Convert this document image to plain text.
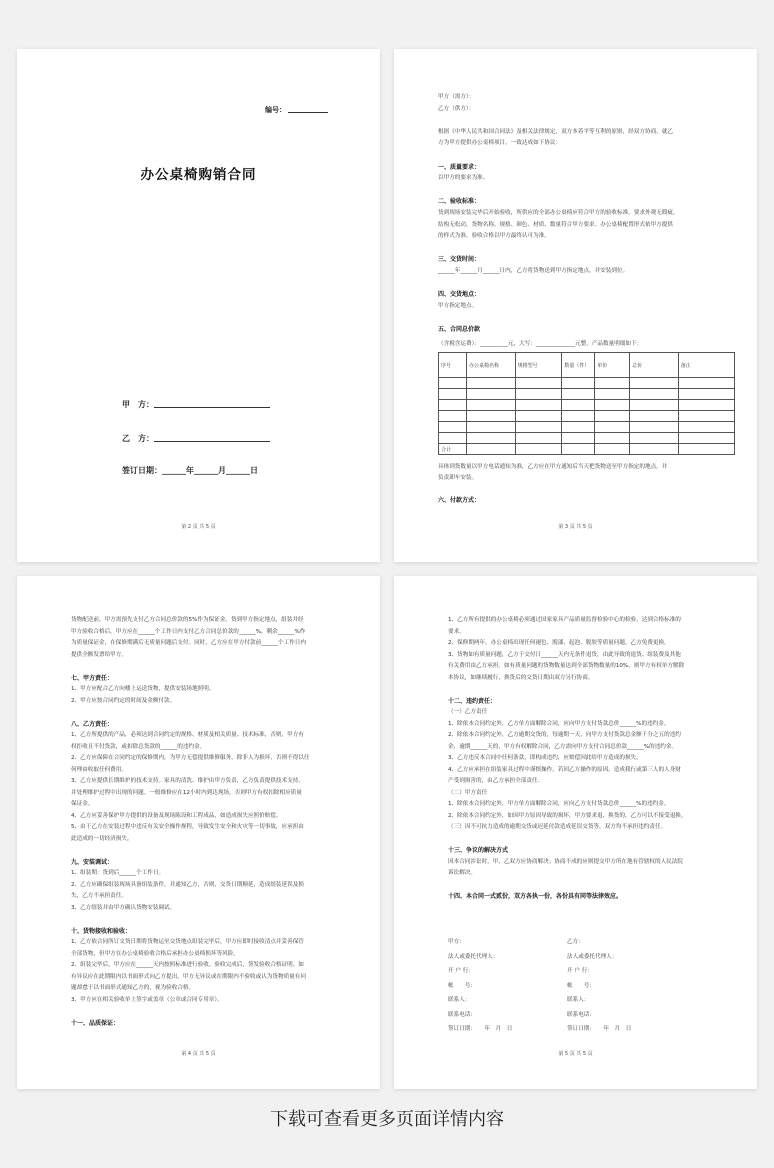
编号：
办公桌椅购销合同
甲　方：
乙　方：
签订日期：______年______月______日
第 2 页 共 5 页
甲方（需方）：
乙方（供方）：
根据《中华人民共和国合同法》及相关法律规定，双方本着平等互利的原则，经双方协商，就乙
方为甲方提供办公桌椅项目，一致达成如下协议：
一、质量要求：
以甲方的要求为准。
二、验收标准：
货到现场安装完毕后开始验收，所供应的全部办公桌椅应符合甲方的验收标准。要求外观无瑕疵，
结构无松动，货物名称、规格、颜色、材质、数量符合甲方要求。办公桌椅配置形式依甲方提供
的样式为准，验收合格以甲方最终认可为准。
三、交货时间：
______年______月______日内，乙方将货物送到甲方指定地点，并安装到位。
四、交货地点：
甲方指定地点。
五、合同总价款
（含税含运费）：__________元，大写：______________元整，产品数量明细如下：
序号	办公桌椅名称	规格型号	数量（件）	单价	总价	备注

合计						
具体到货数量以甲方电话通知为准，乙方应在甲方通知后当天把货物送至甲方指定的地点，并
负责卸车安装。
六、付款方式：
第 3 页 共 5 页
货物配送前，甲方需预先支付乙方合同总价款的5%作为保证金。货到甲方指定地点，组装并经
甲方验收合格后，甲方应在______个工作日内支付乙方合同总价款的______%，剩余______%作
为质量保证金，在保修期满后无质量问题后支付。同时，乙方应在甲方付款前______个工作日内
提供全额发票给甲方。
七、甲方责任：
1、甲方应配合乙方向楼上运送货物，提供安装场地照明。
2、甲方应按合同约定的时间及金额付款。
八、乙方责任：
1、乙方所提供的产品，必须达到合同约定的规格、材质及相关质量、技术标准，否则，甲方有
权拒收且不付货款，或扣除总货款的______的违约金。
2、乙方应保障在合同约定的保修期内，为甲方无偿提供维修服务，除非人为损坏，否则不得以任
何理由收取任何费用。
3、乙方应提供长期维护的技术支持。家具的清洗、维护由甲方负责，乙方负责提供技术支持，
并处理维护过程中出现的问题。一般维修应在12小时内到达现场，否则甲方有权扣除相应质量
保证金。
4、乙方应妥善保护甲方提供的设备及现场陈设和工程成品，如造成损失应照价赔偿。
5、由于乙方在安装过程中违反有关安全操作规程，导致发生安全和火灾等一切事故，应承担由
此造成的一切经济损失。
九、安装调试：
1、组装期：货到后______个工作日。
2、乙方应确保组装现场具备组装条件，并通知乙方，否则，交货日期顺延，造成组装延误及损
失，乙方不承担责任。
3、乙方组装并由甲方确认货物安装调试。
十、货物接收和验收：
1、乙方依合同所订交货日期将货物运至交货地点组装完毕后，甲方应即时接收清点并妥善保管
全部货物，但甲方在办公桌椅验收合格后承担办公桌椅损坏等风险。
2、组装完毕后，甲方应在______天内按照标准进行验收。验收完成后，签发验收合格证明。如
有异议应在此期限内以书面形式向乙方提出，甲方无异议或在期限内不验收或认为货物质量有问
题却怠于以书面形式通知乙方的，视为验收合格。
3、甲方应在相关验收单上签字或盖章（公章或合同专用章）。
十一、品质保证：
第 4 页 共 5 页
1、乙方所有提供的办公桌椅必须通过国家家具产品质量监督检验中心的检验，达到合格标准的
要求。
2、保修期两年，办公桌椅出现任何褪色、脱漆、起泡、脱胶等质量问题，乙方免费更换。
3、货物如有质量问题，乙方于交付日______天内无条件退货，由此导致的退货、组装费及其他
有关费用由乙方承担。如有质量问题的货物数量达到全部货物数量的10%，则甲方有权单方解除
本协议，如继续履行，换货后的交货日期由双方另行协商。
十二、违约责任：
（一）乙方责任
1、除依本合同约定外，乙方单方面解除合同，应向甲方支付货款总价______%的违约金。
2、除依本合同约定外，乙方逾期交货的，每逾期一天，向甲方支付货款总金额千分之五的违约
金，逾期______天的，甲方有权解除合同，乙方需向甲方支付合同总价款______%的违约金。
3、乙方违反本合同中任何条款，即构成违约，应赔偿因此给甲方造成的损失。
4、乙方应承担在组装家具过程中谨慎操作，若因乙方操作的原因，造成我行或第三人的人身财
产受到损害的，由乙方承担全部责任。
（二）甲方责任
1、除依本合同约定外，甲方单方面解除合同，应向乙方支付货款总价______%的违约金。
2、除依本合同约定外，如因甲方原因导致的损坏，甲方要求退、换货的，乙方可以不接受退换。
（三）因不可抗力造成的逾期交货或迟延付款造成延误交货等，双方均不承担违约责任。
十三、争议的解决方式
因本合同涉讼时，甲、乙双方应协商解决；协商不成的应则提交甲方所在地有管辖权的人民法院
诉讼解决。
十四、本合同一式贰份，双方各执一份，各份具有同等法律效应。
甲方：
法人或委托代理人：
开 户 行：
帐　　号：
联系人：
联系电话：
签订日期：　　年　月　日
乙方：
法人或委托代理人：
开 户 行：
帐　　号：
联系人：
联系电话：
签订日期：　　年　月　日
第 5 页 共 5 页
下载可查看更多页面详情内容
